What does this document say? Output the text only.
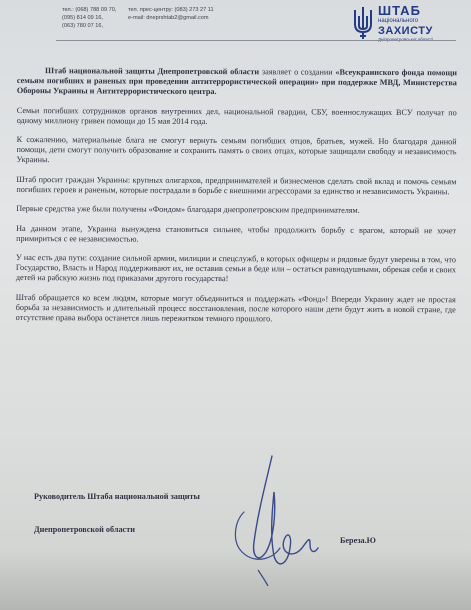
тел.: (068) 788 09 70,
(095) 814 09 16,
(063) 780 07 16,

тел. прес-центру: (083) 273 27 11
e-mail: dneprshtab2@gmail.com
ШТАБ
національного
ЗАХИСТУ

Штаб национальной защиты Днепропетровской области заявляет о создании «Всеукраинского фонда помощи семьям погибших и раненых при проведении антитеррористической операции» при поддержке МВД, Министерства Обороны Украины и Антитеррористического центра.

Семьи погибших сотрудников органов внутренних дел, национальной гвардии, СБУ, военнослужащих ВСУ получат по одному миллиону гривен помощи до 15 мая 2014 года.

К сожалению, материальные блага не смогут вернуть семьям погибших отцов, братьев, мужей. Но благодаря данной помощи, дети смогут получить образование и сохранить память о своих отцах, которые защищали свободу и независимость Украины.

Штаб просит граждан Украины: крупных олигархов, предпринимателей и бизнесменов сделать свой вклад и помочь семьям погибших героев и раненым, которые пострадали в борьбе с внешними агрессорами за единство и независимость Украины.

Первые средства уже были получены «Фондом» благодаря днепропетровским предпринимателям.

На данном этапе, Украина вынуждена становиться сильнее, чтобы продолжить борьбу с врагом, который не хочет примириться с ее независимостью.

У нас есть два пути: создание сильной армии, милиции и спецслужб, в которых офицеры и рядовые будут уверены в том, что Государство, Власть и Народ поддерживают их, не оставив семьи в беде или – остаться равнодушными, обрекая себя и своих детей на рабскую жизнь под приказами другого государства!

Штаб обращается ко всем людям, которые могут объединиться и поддержать «Фонд»! Впереди Украину ждет не простая борьба за независимость и длительный процесс восстановления, после которого наши дети будут жить в новой стране, где отсутствие права выбора останется лишь пережитком темного прошлого.

Руководитель Штаба национальной защиты
Днепропетровской области
Береза.Ю
